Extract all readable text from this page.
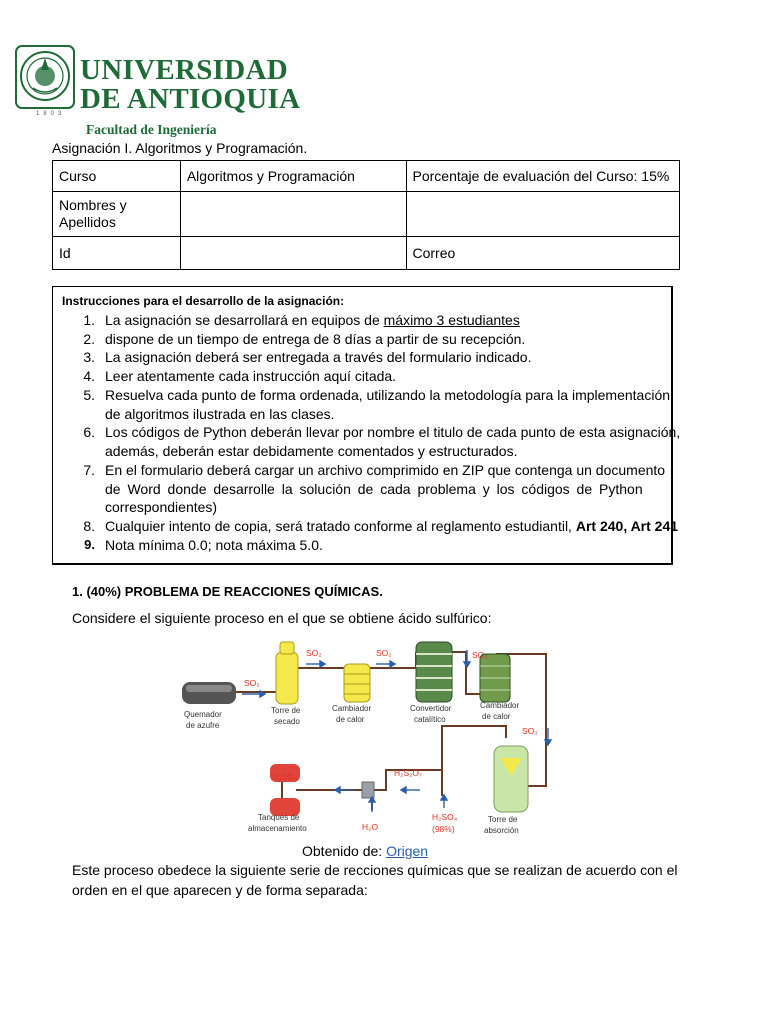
UNIVERSIDAD
DE ANTIOQUIA
1803
Facultad de Ingeniería
Asignación I. Algoritmos y Programación.
Curso	Algoritmos y Programación	Porcentaje de evaluación del Curso: 15%
Nombres y
Apellidos		
Id		Correo
Instrucciones para el desarrollo de la asignación:
1. La asignación se desarrollará en equipos de máximo 3 estudiantes
2. dispone de un tiempo de entrega de 8 días a partir de su recepción.
3. La asignación deberá ser entregada a través del formulario indicado.
4. Leer atentamente cada instrucción aquí citada.
5. Resuelva cada punto de forma ordenada, utilizando la metodología para la implementación
de algoritmos ilustrada en las clases.
6. Los códigos de Python deberán llevar por nombre el titulo de cada punto de esta asignación,
además, deberán estar debidamente comentados y estructurados.
7. En el formulario deberá cargar un archivo comprimido en ZIP que contenga un documento
de Word donde desarrolle la solución de cada problema y los códigos de Python
correspondientes)
8. Cualquier intento de copia, será tratado conforme al reglamento estudiantil, Art 240, Art 241
9. Nota mínima 0.0; nota máxima 5.0.
1. (40%) PROBLEMA DE REACCIONES QUÍMICAS.
Considere el siguiente proceso en el que se obtiene ácido sulfúrico:
SO₂
SO₂	SO₂	SO₃
SO₃
H₂S₂O₇
H₂SO₄
H₂O
H₂SO₄
(98%)
Quemador
de azufre
Torre de
secado
Cambiador
de calor
Convertidor
catalítico
Cambiador
de calor
Tanques de
almacenamiento
Torre de
absorción
Obtenido de: Origen
Este proceso obedece la siguiente serie de recciones químicas que se realizan de acuerdo con el
orden en el que aparecen y de forma separada:
